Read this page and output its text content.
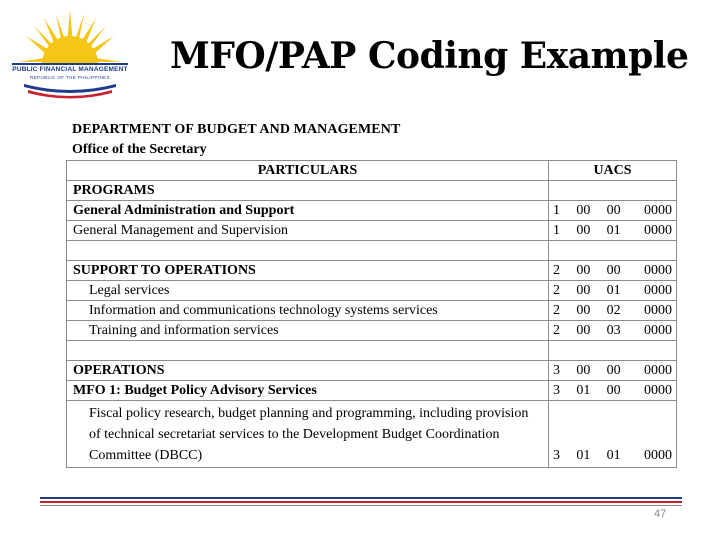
PUBLIC FINANCIAL MANAGEMENT
REPUBLIC OF THE PHILIPPINES
MFO/PAP Coding Example
DEPARTMENT OF BUDGET AND MANAGEMENT
Office of the Secretary
PARTICULARS	UACS
PROGRAMS	
General Administration and Support	1 00 00 0000

General Management and Supervision	1 00 01 0000

SUPPORT TO OPERATIONS	2 00 00 0000

Legal services	2 00 01 0000

Information and communications technology systems services	2 00 02 0000

Training and information services	2 00 03 0000

OPERATIONS	3 00 00 0000

MFO 1: Budget Policy Advisory Services	3 01 00 0000

Fiscal policy research, budget planning and programming, including provision of technical secretariat services to the Development Budget Coordination Committee (DBCC)	3 01 01 0000
47
